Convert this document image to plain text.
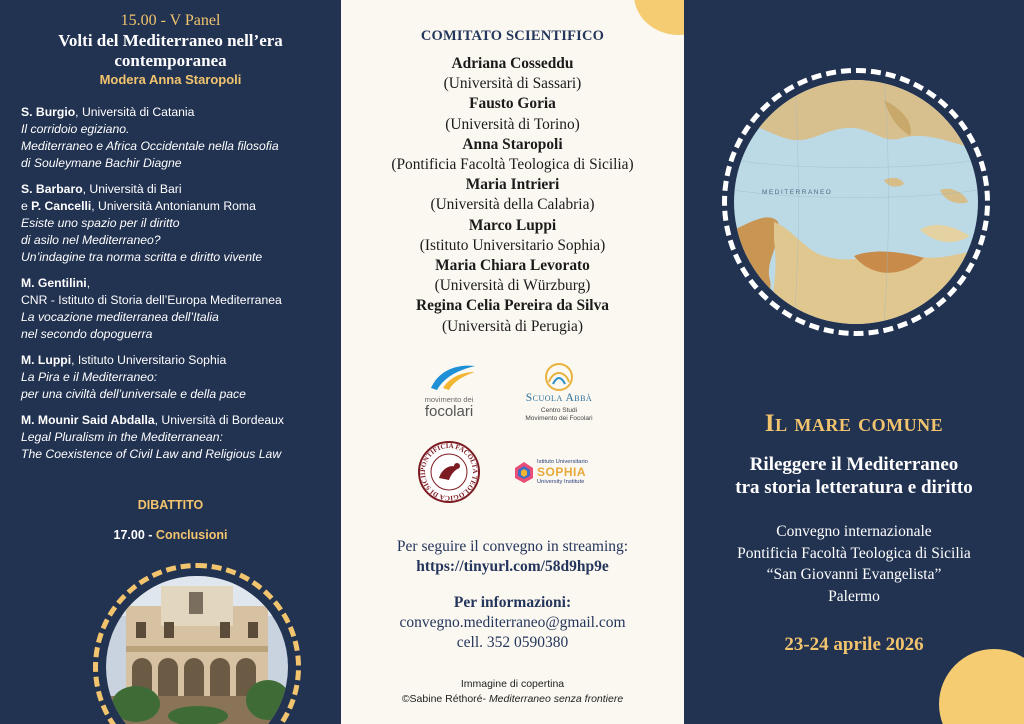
15.00 - V Panel
Volti del Mediterraneo nell’era
contemporanea
Modera Anna Staropoli
S. Burgio, Università di Catania
Il corridoio egiziano.
Mediterraneo e Africa Occidentale nella filosofia
di Souleymane Bachir Diagne
S. Barbaro, Università di Bari
e P. Cancelli, Università Antonianum Roma
Esiste uno spazio per il diritto
di asilo nel Mediterraneo?
Un’indagine tra norma scritta e diritto vivente
M. Gentilini,
CNR - Istituto di Storia dell’Europa Mediterranea
La vocazione mediterranea dell’Italia
nel secondo dopoguerra
M. Luppi, Istituto Universitario Sophia
La Pira e il Mediterraneo:
per una civiltà dell’universale e della pace
M. Mounir Said Abdalla, Università di Bordeaux
Legal Pluralism in the Mediterranean:
The Coexistence of Civil Law and Religious Law
DIBATTITO
17.00 - Conclusioni
COMITATO SCIENTIFICO
Adriana Cosseddu
(Università di Sassari)
Fausto Goria
(Università di Torino)
Anna Staropoli
(Pontificia Facoltà Teologica di Sicilia)
Maria Intrieri
(Università della Calabria)
Marco Luppi
(Istituto Universitario Sophia)
Maria Chiara Levorato
(Università di Würzburg)
Regina Celia Pereira da Silva
(Università di Perugia)
movimento dei
focolari
Scuola Abbà
Centro Studi
Movimento dei Focolari
PONTIFICIA FACOLTÀ TEOLOGICA DI SICIL
Istituto Universitario
SOPHIA
University Institute
Per seguire il convegno in streaming:
https://tinyurl.com/58d9hp9e
Per informazioni:
convegno.mediterraneo@gmail.com
cell. 352 0590380
Immagine di copertina
©Sabine Réthoré- Mediterraneo senza frontiere
MEDITERRANEO
Il mare comune
Rileggere il Mediterraneo
tra storia letteratura e diritto
Convegno internazionale
Pontificia Facoltà Teologica di Sicilia
“San Giovanni Evangelista”
Palermo
23-24 aprile 2026
